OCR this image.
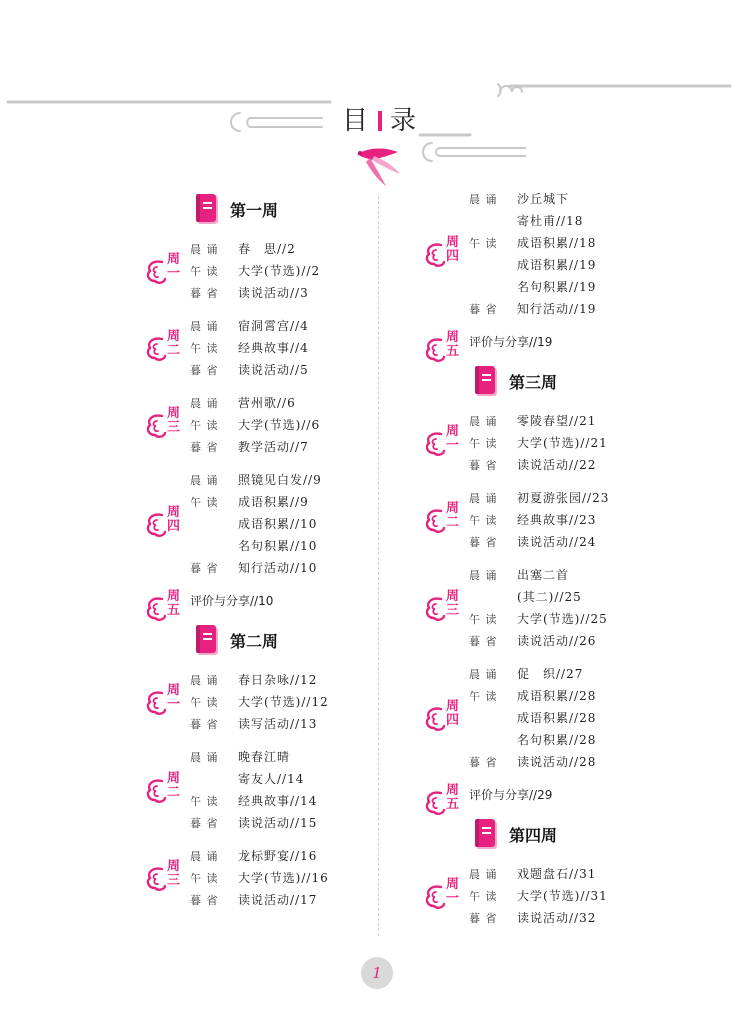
目 录
第一周
周
一
晨 诵 春　思//2
午 读 大学(节选)//2
暮 省 读说活动//3
周
二
晨 诵 宿洞霄宫//4
午 读 经典故事//4
暮 省 读说活动//5
周
三
晨 诵 营州歌//6
午 读 大学(节选)//6
暮 省 教学活动//7
周
四
晨 诵 照镜见白发//9
午 读 成语积累//9
成语积累//10
名句积累//10
暮 省 知行活动//10
周
五
评价与分享//10
第二周
周
一
晨 诵 春日杂咏//12
午 读 大学(节选)//12
暮 省 读写活动//13
周
二
晨 诵 晚春江晴
寄友人//14
午 读 经典故事//14
暮 省 读说活动//15
周
三
晨 诵 龙标野宴//16
午 读 大学(节选)//16
暮 省 读说活动//17
周
四
晨 诵 沙丘城下
寄杜甫//18
午 读 成语积累//18
成语积累//19
名句积累//19
暮 省 知行活动//19
周
五
评价与分享//19
第三周
周
一
晨 诵 零陵春望//21
午 读 大学(节选)//21
暮 省 读说活动//22
周
二
晨 诵 初夏游张园//23
午 读 经典故事//23
暮 省 读说活动//24
周
三
晨 诵 出塞二首
(其二)//25
午 读 大学(节选)//25
暮 省 读说活动//26
周
四
晨 诵 促　织//27
午 读 成语积累//28
成语积累//28
名句积累//28
暮 省 读说活动//28
周
五
评价与分享//29
第四周
周
一
晨 诵 戏题盘石//31
午 读 大学(节选)//31
暮 省 读说活动//32
1
